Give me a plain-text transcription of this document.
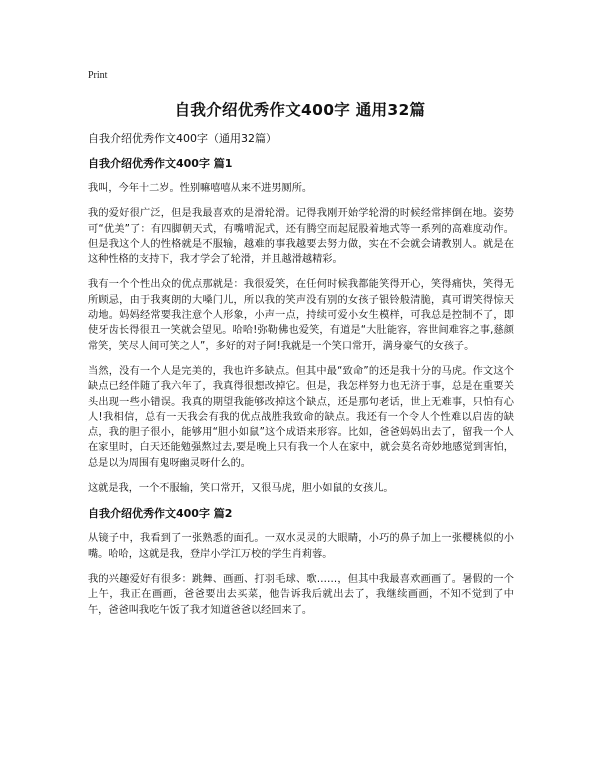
Print
自我介绍优秀作文400字 通用32篇
自我介绍优秀作文400字（通用32篇）
自我介绍优秀作文400字 篇1

我叫，今年十二岁。性别嘛嘻嘻从来不进男厕所。

我的爱好很广泛，但是我最喜欢的是滑轮滑。记得我刚开始学轮滑的时候经常摔倒在地。姿势可“优美”了：有四脚朝天式，有嘴啃泥式，还有腾空而起屁股着地式等一系列的高难度动作。但是我这个人的性格就是不服输，越难的事我越要去努力做，实在不会就会请教别人。就是在这种性格的支持下，我才学会了轮滑，并且越滑越精彩。

我有一个个性出众的优点那就是：我很爱笑，在任何时候我都能笑得开心，笑得痛快，笑得无所顾忌，由于我爽朗的大嗓门儿，所以我的笑声没有别的女孩子银铃般清脆，真可谓笑得惊天动地。妈妈经常要我注意个人形象，小声一点，持续可爱小女生模样，可我总是控制不了，即使牙齿长得很丑一笑就会望见。哈哈!弥勒佛也爱笑，有道是“大肚能容，容世间难容之事,慈颜常笑，笑尽人间可笑之人”，多好的对子阿!我就是一个笑口常开，满身豪气的女孩子。

当然，没有一个人是完美的，我也许多缺点。但其中最“致命”的还是我十分的马虎。作文这个缺点已经伴随了我六年了，我真得很想改掉它。但是，我怎样努力也无济于事，总是在重要关头出现一些小错误。我真的期望我能够改掉这个缺点，还是那句老话，世上无难事，只怕有心人!我相信，总有一天我会有我的优点战胜我致命的缺点。我还有一个令人个性难以启齿的缺点，我的胆子很小，能够用“胆小如鼠”这个成语来形容。比如，爸爸妈妈出去了，留我一个人在家里时，白天还能勉强熬过去,要是晚上只有我一个人在家中，就会莫名奇妙地感觉到害怕，总是以为周围有鬼呀幽灵呀什么的。

这就是我，一个不服输，笑口常开，又很马虎，胆小如鼠的女孩儿。

自我介绍优秀作文400字 篇2

从镜子中，我看到了一张熟悉的面孔。一双水灵灵的大眼睛，小巧的鼻子加上一张樱桃似的小嘴。哈哈，这就是我，登岸小学江万校的学生肖莉蓉。

我的兴趣爱好有很多：跳舞、画画、打羽毛球、歌……，但其中我最喜欢画画了。暑假的一个上午，我正在画画，爸爸要出去买菜，他告诉我后就出去了，我继续画画，不知不觉到了中午，爸爸叫我吃午饭了我才知道爸爸以经回来了。
